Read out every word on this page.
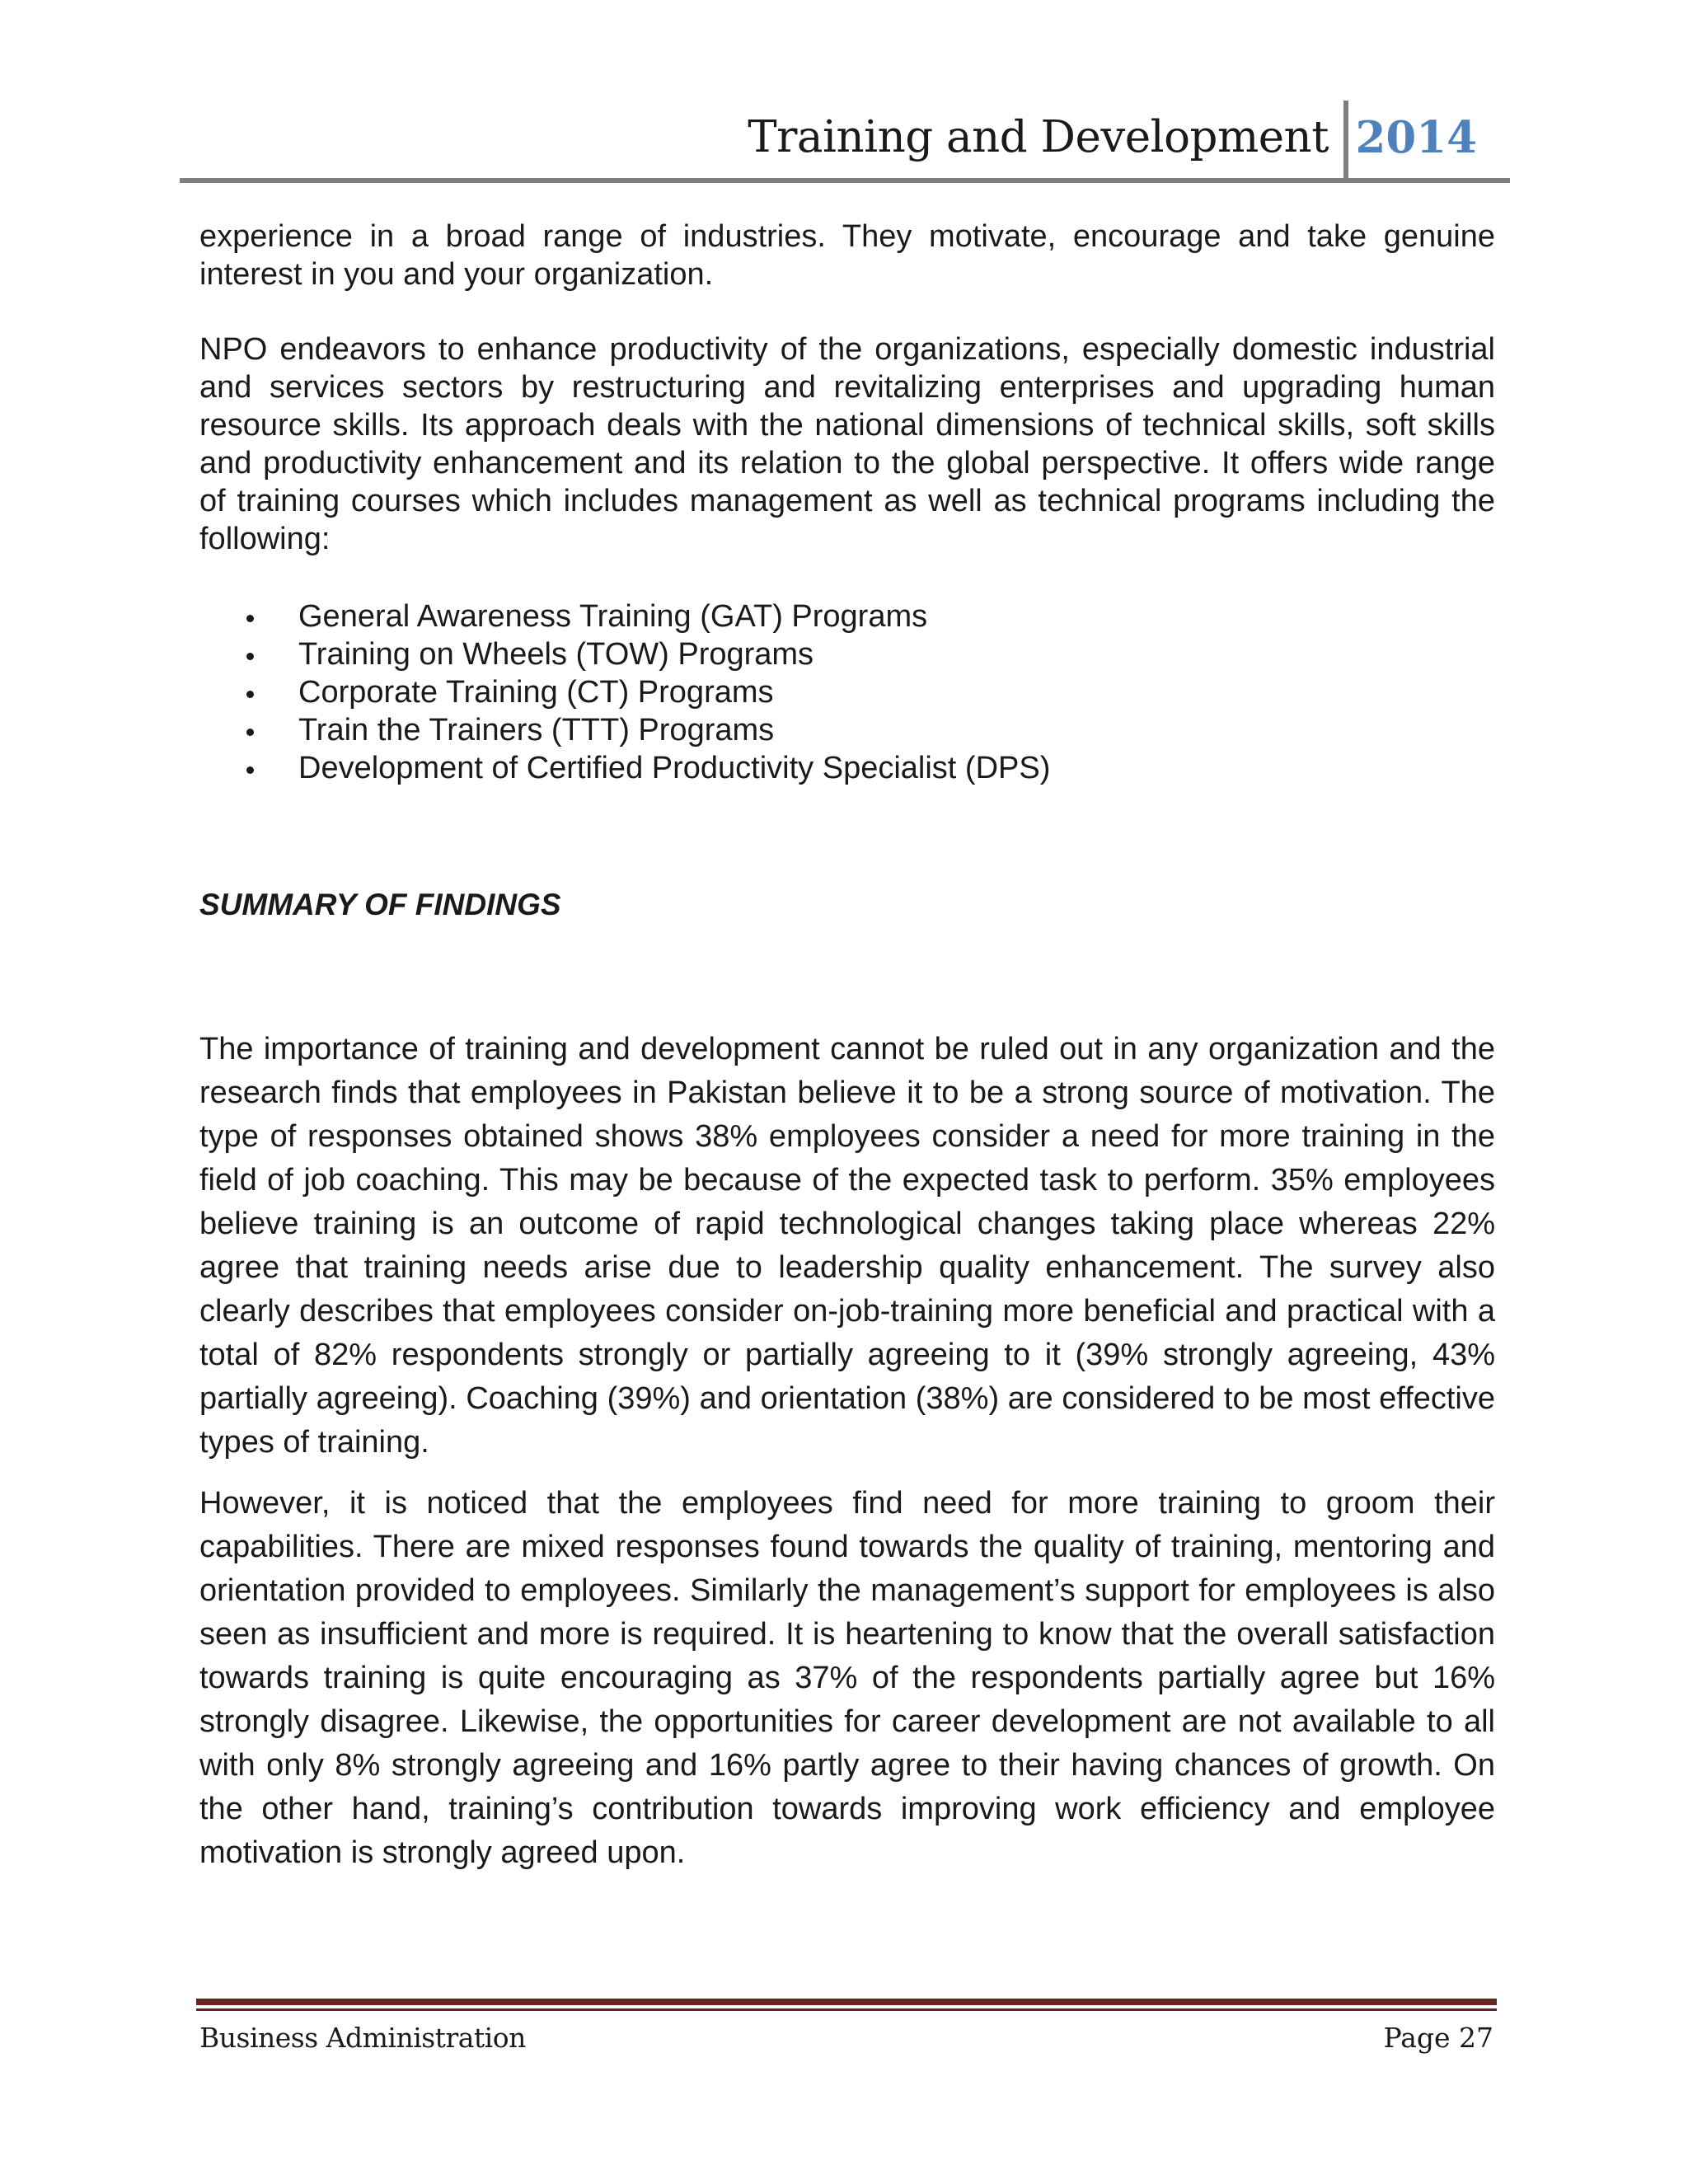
Training and Development 2014

experience in a broad range of industries. They motivate, encourage and take genuine interest in you and your organization.

NPO endeavors to enhance productivity of the organizations, especially domestic industrial and services sectors by restructuring and revitalizing enterprises and upgrading human resource skills. Its approach deals with the national dimensions of technical skills, soft skills and productivity enhancement and its relation to the global perspective. It offers wide range of training courses which includes management as well as technical programs including the following:

General Awareness Training (GAT) Programs
Training on Wheels (TOW) Programs
Corporate Training (CT) Programs
Train the Trainers (TTT) Programs
Development of Certified Productivity Specialist (DPS)
SUMMARY OF FINDINGS

The importance of training and development cannot be ruled out in any organization and the research finds that employees in Pakistan believe it to be a strong source of motivation. The type of responses obtained shows 38% employees consider a need for more training in the field of job coaching. This may be because of the expected task to perform. 35% employees believe training is an outcome of rapid technological changes taking place whereas 22% agree that training needs arise due to leadership quality enhancement. The survey also clearly describes that employees consider on-job-training more beneficial and practical with a total of 82% respondents strongly or partially agreeing to it (39% strongly agreeing, 43% partially agreeing). Coaching (39%) and orientation (38%) are considered to be most effective types of training.

However, it is noticed that the employees find need for more training to groom their capabilities. There are mixed responses found towards the quality of training, mentoring and orientation provided to employees. Similarly the management’s support for employees is also seen as insufficient and more is required. It is heartening to know that the overall satisfaction towards training is quite encouraging as 37% of the respondents partially agree but 16% strongly disagree. Likewise, the opportunities for career development are not available to all with only 8% strongly agreeing and 16% partly agree to their having chances of growth. On the other hand, training’s contribution towards improving work efficiency and employee motivation is strongly agreed upon.

Business Administration	Page 27
